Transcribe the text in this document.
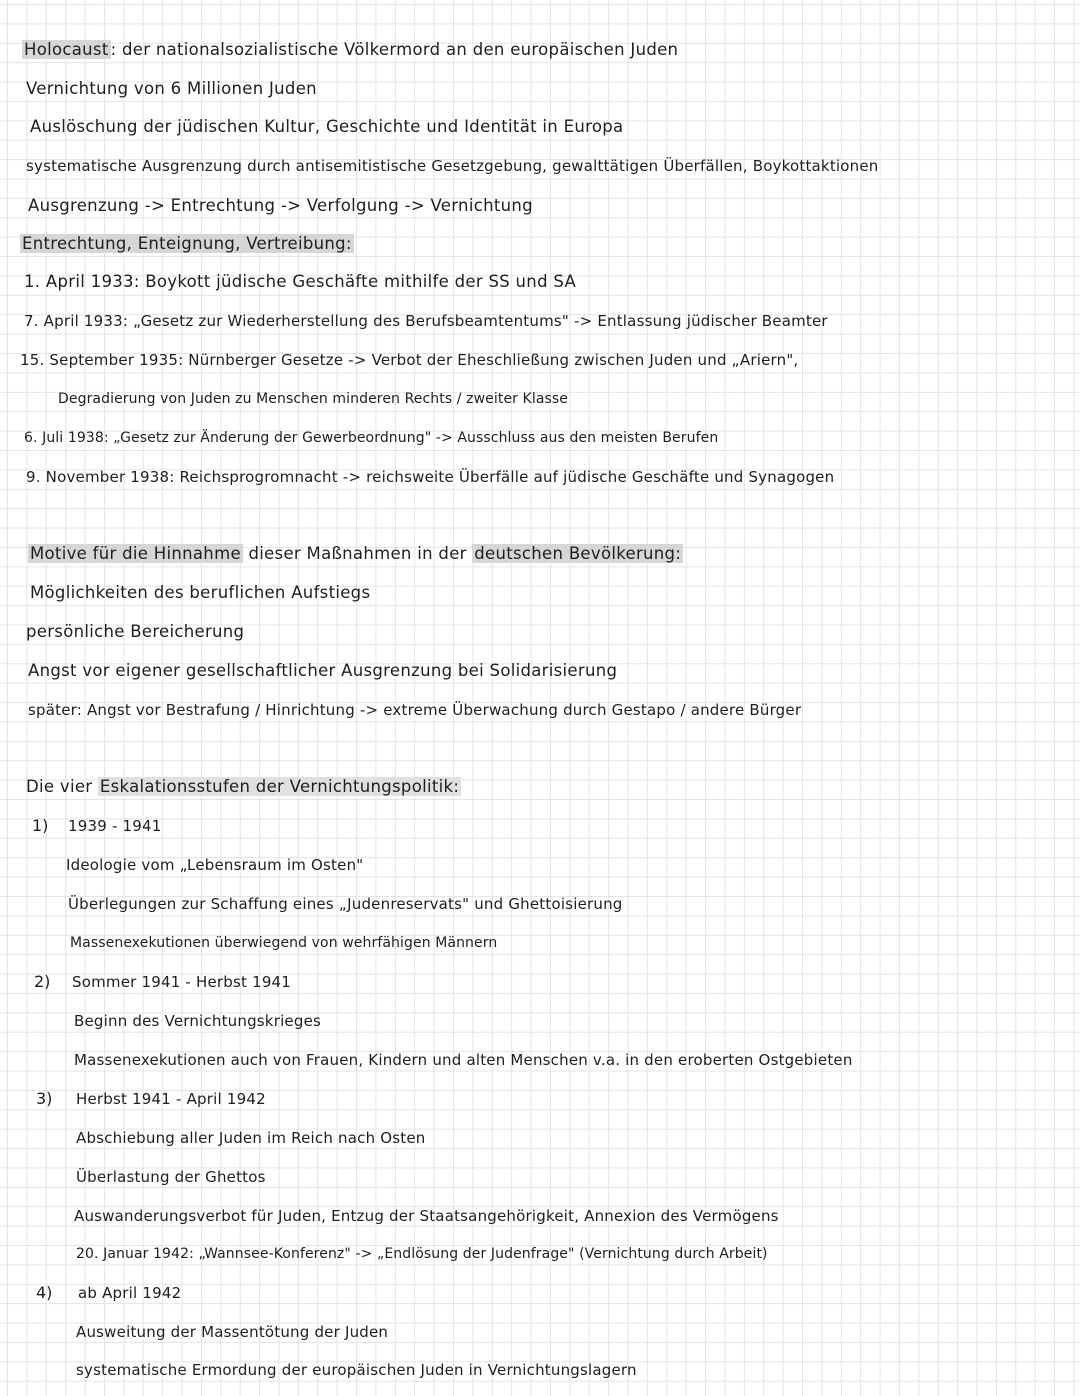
Holocaust : der nationalsozialistische Völkermord an den europäischen Juden
Vernichtung von 6 Millionen Juden
Auslöschung der jüdischen Kultur, Geschichte und Identität in Europa
systematische Ausgrenzung durch antisemitistische Gesetzgebung, gewalttätigen Überfällen, Boykottaktionen
Ausgrenzung -> Entrechtung -> Verfolgung -> Vernichtung
Entrechtung, Enteignung, Vertreibung:
1. April 1933: Boykott jüdische Geschäfte mithilfe der SS und SA
7. April 1933: „Gesetz zur Wiederherstellung des Berufsbeamtentums" -> Entlassung jüdischer Beamter
15. September 1935: Nürnberger Gesetze -> Verbot der Eheschließung zwischen Juden und „Ariern",
Degradierung von Juden zu Menschen minderen Rechts / zweiter Klasse
6. Juli 1938: „Gesetz zur Änderung der Gewerbeordnung" -> Ausschluss aus den meisten Berufen
9. November 1938: Reichsprogromnacht -> reichsweite Überfälle auf jüdische Geschäfte und Synagogen
Motive für die Hinnahme dieser Maßnahmen in der deutschen Bevölkerung:
Möglichkeiten des beruflichen Aufstiegs
persönliche Bereicherung
Angst vor eigener gesellschaftlicher Ausgrenzung bei Solidarisierung
später: Angst vor Bestrafung / Hinrichtung -> extreme Überwachung durch Gestapo / andere Bürger
Die vier Eskalationsstufen der Vernichtungspolitik:
1) 1939 - 1941
Ideologie vom „Lebensraum im Osten"
Überlegungen zur Schaffung eines „Judenreservats" und Ghettoisierung
Massenexekutionen überwiegend von wehrfähigen Männern
2) Sommer 1941 - Herbst 1941
Beginn des Vernichtungskrieges
Massenexekutionen auch von Frauen, Kindern und alten Menschen v.a. in den eroberten Ostgebieten
3) Herbst 1941 - April 1942
Abschiebung aller Juden im Reich nach Osten
Überlastung der Ghettos
Auswanderungsverbot für Juden, Entzug der Staatsangehörigkeit, Annexion des Vermögens
20. Januar 1942: „Wannsee-Konferenz" -> „Endlösung der Judenfrage" (Vernichtung durch Arbeit)
4) ab April 1942
Ausweitung der Massentötung der Juden
systematische Ermordung der europäischen Juden in Vernichtungslagern
